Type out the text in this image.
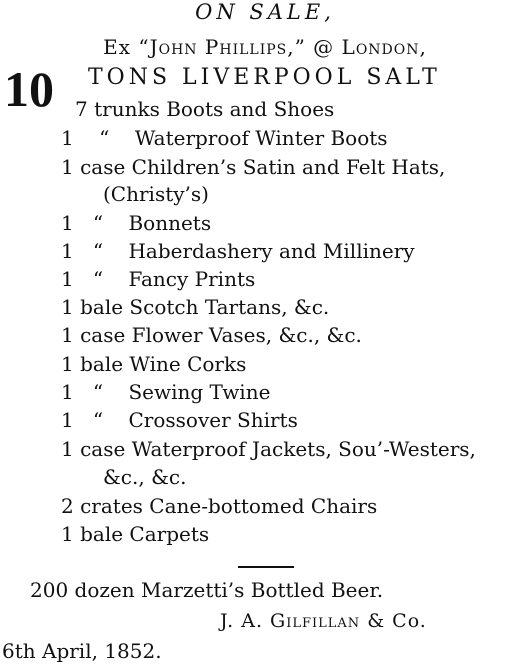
ON SALE,
Ex “John Phillips,” @ London,
10 TONS LIVERPOOL SALT
7 trunks Boots and Shoes
1 “    Waterproof Winter Boots
1 case Children’s Satin and Felt Hats,
(Christy’s)
1 “    Bonnets
1 “    Haberdashery and Millinery
1 “    Fancy Prints
1 bale Scotch Tartans, &c.
1 case Flower Vases, &c., &c.
1 bale Wine Corks
1 “    Sewing Twine
1 “    Crossover Shirts
1 case Waterproof Jackets, Sou’-Westers,
&c., &c.
2 crates Cane-bottomed Chairs
1 bale Carpets
200 dozen Marzetti’s Bottled Beer.
J. A. Gilfillan & Co.
6th April, 1852.
